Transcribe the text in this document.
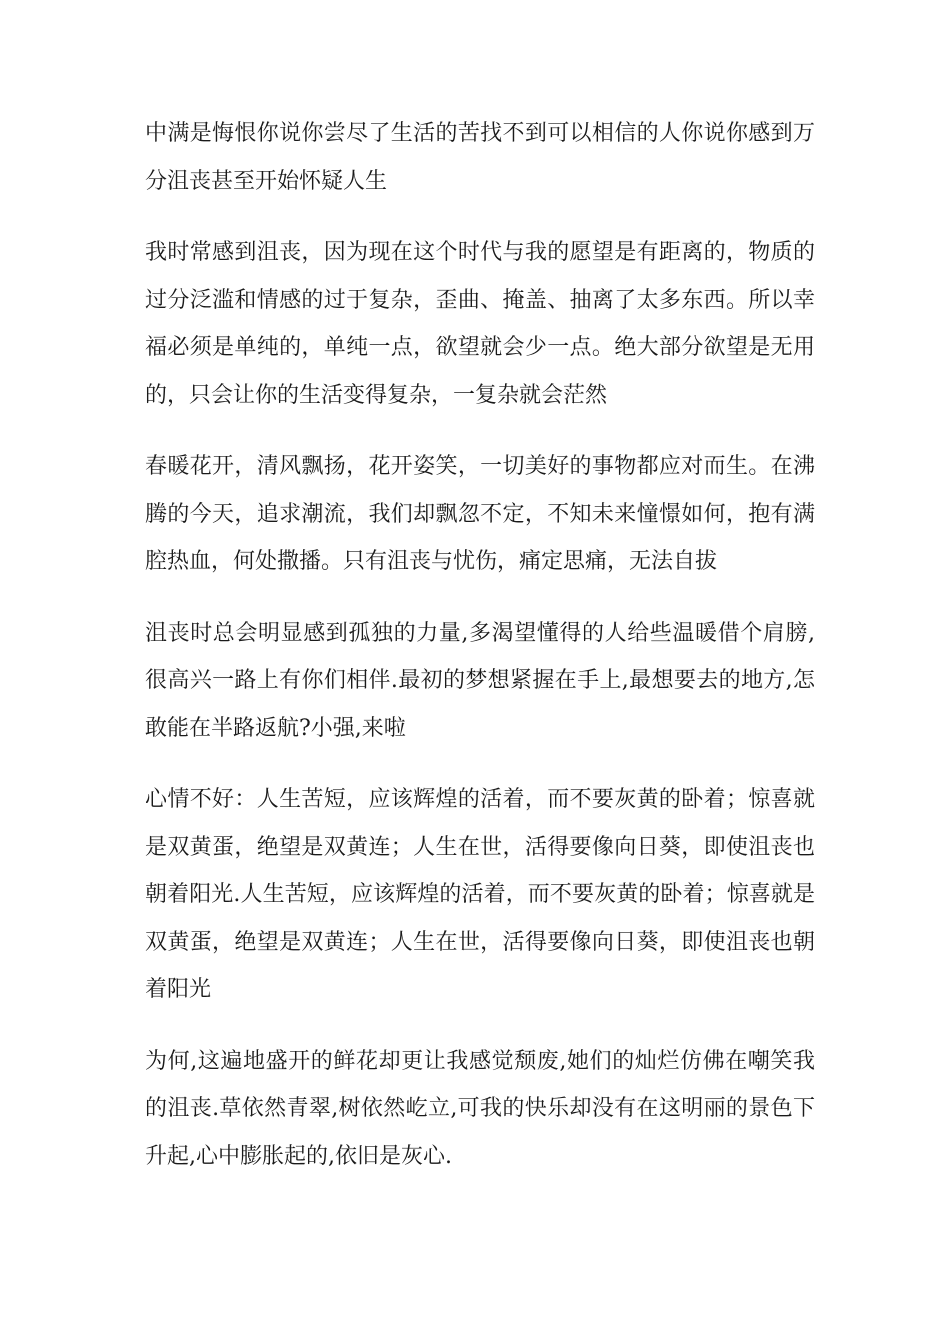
中满是悔恨你说你尝尽了生活的苦找不到可以相信的人你说你感到万分沮丧甚至开始怀疑人生

我时常感到沮丧，因为现在这个时代与我的愿望是有距离的，物质的过分泛滥和情感的过于复杂，歪曲、掩盖、抽离了太多东西。所以幸福必须是单纯的，单纯一点，欲望就会少一点。绝大部分欲望是无用的，只会让你的生活变得复杂，一复杂就会茫然

春暖花开，清风飘扬，花开姿笑，一切美好的事物都应对而生。在沸腾的今天，追求潮流，我们却飘忽不定，不知未来憧憬如何，抱有满腔热血，何处撒播。只有沮丧与忧伤，痛定思痛，无法自拔

沮丧时总会明显感到孤独的力量,多渴望懂得的人给些温暖借个肩膀,很高兴一路上有你们相伴.最初的梦想紧握在手上,最想要去的地方,怎敢能在半路返航?小强,来啦

心情不好：人生苦短，应该辉煌的活着，而不要灰黄的卧着；惊喜就是双黄蛋，绝望是双黄连；人生在世，活得要像向日葵，即使沮丧也朝着阳光.人生苦短，应该辉煌的活着，而不要灰黄的卧着；惊喜就是双黄蛋，绝望是双黄连；人生在世，活得要像向日葵，即使沮丧也朝着阳光

为何,这遍地盛开的鲜花却更让我感觉颓废,她们的灿烂仿佛在嘲笑我的沮丧.草依然青翠,树依然屹立,可我的快乐却没有在这明丽的景色下升起,心中膨胀起的,依旧是灰心.
